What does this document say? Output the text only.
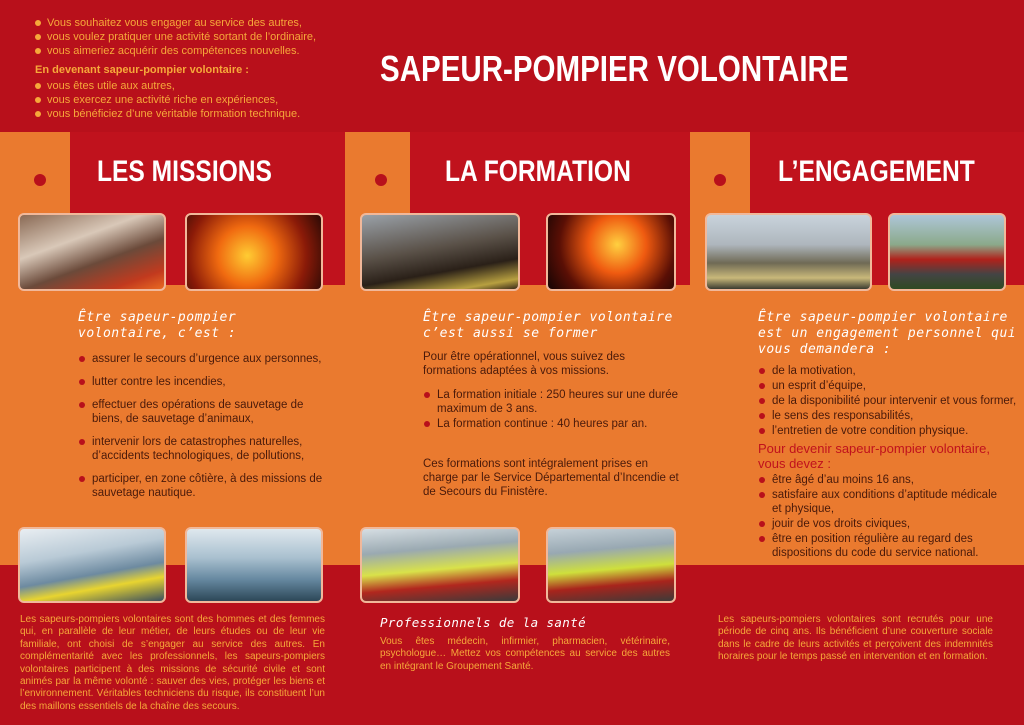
Vous souhaitez vous engager au service des autres,
vous voulez pratiquer une activité sortant de l’ordinaire,
vous aimeriez acquérir des compétences nouvelles.
En devenant sapeur-pompier volontaire :
vous êtes utile aux autres,
vous exercez une activité riche en expériences,
vous bénéficiez d’une véritable formation technique.
SAPEUR-POMPIER VOLONTAIRE
LES MISSIONS	LA FORMATION	L’ENGAGEMENT
Être sapeur-pompier volontaire, c’est :
assurer le secours d’urgence aux personnes,
lutter contre les incendies,
effectuer des opérations de sauvetage de biens, de sauvetage d’animaux,
intervenir lors de catastrophes naturelles, d’accidents technologiques, de pollutions,
participer, en zone côtière, à des missions de sauvetage nautique.
Être sapeur-pompier volontaire c’est aussi se former
Pour être opérationnel, vous suivez des formations adaptées à vos missions.
La formation initiale : 250 heures sur une durée maximum de 3 ans.
La formation continue : 40 heures par an.
Ces formations sont intégralement prises en charge par le Service Départemental d’Incendie et de Secours du Finistère.
Être sapeur-pompier volontaire est un engagement personnel qui vous demandera :
de la motivation,
un esprit d’équipe,
de la disponibilité pour intervenir et vous former,
le sens des responsabilités,
l’entretien de votre condition physique.
Pour devenir sapeur-pompier volontaire, vous devez :
être âgé d’au moins 16 ans,
satisfaire aux conditions d’aptitude médicale et physique,
jouir de vos droits civiques,
être en position régulière au regard des dispositions du code du service national.
Les sapeurs-pompiers volontaires sont des hommes et des femmes qui, en parallèle de leur métier, de leurs études ou de leur vie familiale, ont choisi de s’engager au service des autres. En complémentarité avec les professionnels, les sapeurs-pompiers volontaires participent à des missions de sécurité civile et sont animés par la même volonté : sauver des vies, protéger les biens et l’environnement. Véritables techniciens du risque, ils constituent l’un des maillons essentiels de la chaîne des secours.
Professionnels de la santé
Vous êtes médecin, infirmier, pharmacien, vétérinaire, psychologue… Mettez vos compétences au service des autres en intégrant le Groupement Santé.
Les sapeurs-pompiers volontaires sont recrutés pour une période de cinq ans. Ils bénéficient d’une couverture sociale dans le cadre de leurs activités et perçoivent des indemnités horaires pour le temps passé en intervention et en formation.
